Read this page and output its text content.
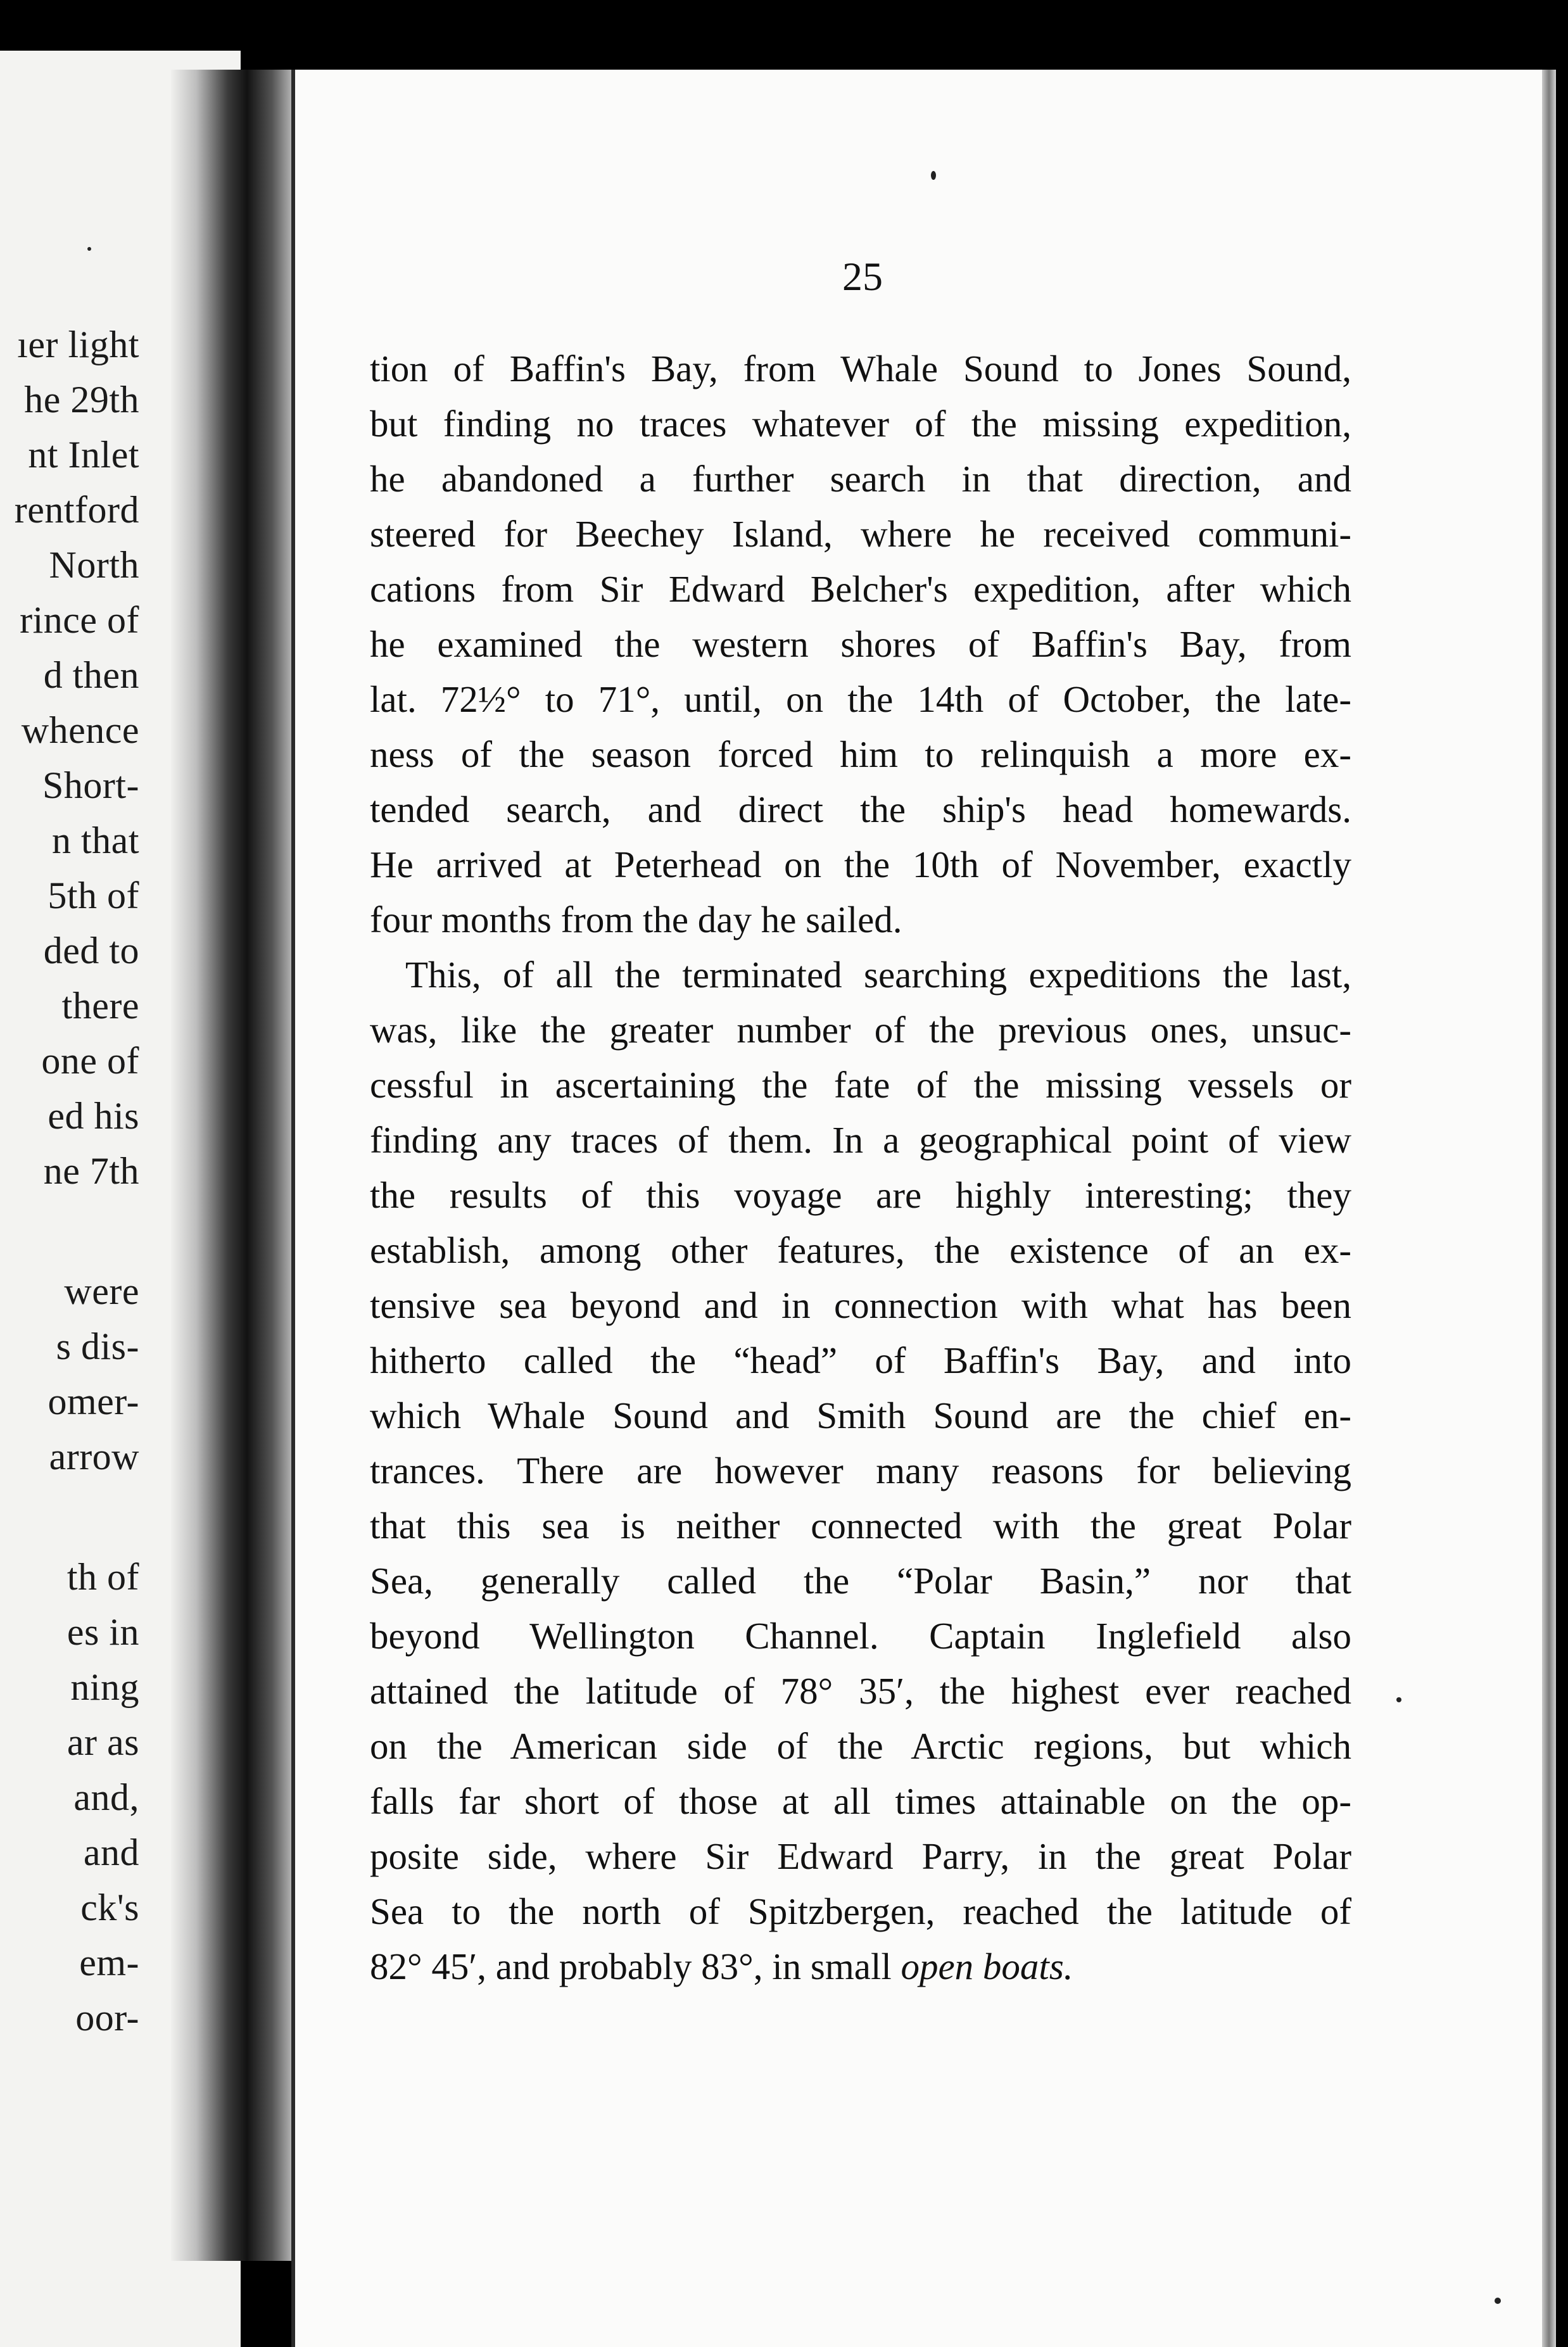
ıer light
he 29th
nt Inlet
rentford
North
rince of
d then
whence
Short-
n that
5th of
ded to
there
one of
ed his
ne 7th
were
s dis-
omer-
arrow
th of
es in
ning
ar as
and,
and
ck's
em-
oor-
25
tion of Baffin's Bay, from Whale Sound to Jones Sound,
but finding no traces whatever of the missing expedition,
he abandoned a further search in that direction, and
steered for Beechey Island, where he received communi-
cations from Sir Edward Belcher's expedition, after which
he examined the western shores of Baffin's Bay, from
lat. 72½° to 71°, until, on the 14th of October, the late-
ness of the season forced him to relinquish a more ex-
tended search, and direct the ship's head homewards.
He arrived at Peterhead on the 10th of November, exactly
four months from the day he sailed.
This, of all the terminated searching expeditions the last,
was, like the greater number of the previous ones, unsuc-
cessful in ascertaining the fate of the missing vessels or
finding any traces of them. In a geographical point of view
the results of this voyage are highly interesting; they
establish, among other features, the existence of an ex-
tensive sea beyond and in connection with what has been
hitherto called the “head” of Baffin's Bay, and into
which Whale Sound and Smith Sound are the chief en-
trances. There are however many reasons for believing
that this sea is neither connected with the great Polar
Sea, generally called the “Polar Basin,” nor that
beyond Wellington Channel. Captain Inglefield also
attained the latitude of 78° 35′, the highest ever reached
on the American side of the Arctic regions, but which
falls far short of those at all times attainable on the op-
posite side, where Sir Edward Parry, in the great Polar
Sea to the north of Spitzbergen, reached the latitude of
82° 45′, and probably 83°, in small open boats.
